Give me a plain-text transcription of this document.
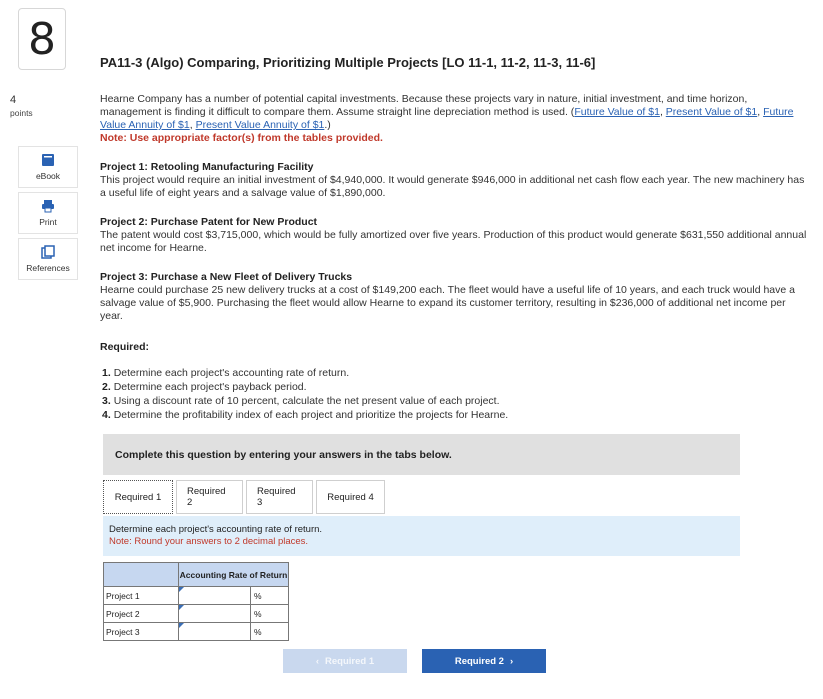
8
4
points
eBook
Print
References
PA11-3 (Algo) Comparing, Prioritizing Multiple Projects [LO 11-1, 11-2, 11-3, 11-6]
Hearne Company has a number of potential capital investments. Because these projects vary in nature, initial investment, and time horizon, management is finding it difficult to compare them. Assume straight line depreciation method is used. (Future Value of $1, Present Value of $1, Future Value Annuity of $1, Present Value Annuity of $1.)
Note: Use appropriate factor(s) from the tables provided.
Project 1: Retooling Manufacturing Facility
This project would require an initial investment of $4,940,000. It would generate $946,000 in additional net cash flow each year. The new machinery has a useful life of eight years and a salvage value of $1,890,000.
Project 2: Purchase Patent for New Product
The patent would cost $3,715,000, which would be fully amortized over five years. Production of this product would generate $631,550 additional annual net income for Hearne.
Project 3: Purchase a New Fleet of Delivery Trucks
Hearne could purchase 25 new delivery trucks at a cost of $149,200 each. The fleet would have a useful life of 10 years, and each truck would have a salvage value of $5,900. Purchasing the fleet would allow Hearne to expand its customer territory, resulting in $236,000 of additional net income per year.
Required:
1. Determine each project's accounting rate of return.
2. Determine each project's payback period.
3. Using a discount rate of 10 percent, calculate the net present value of each project.
4. Determine the profitability index of each project and prioritize the projects for Hearne.
Complete this question by entering your answers in the tabs below.
Required 1	Required 2
Required 3	Required 4
Determine each project's accounting rate of return.
Note: Round your answers to 2 decimal places.
	Accounting Rate of Return	
Project 1		%
Project 2		%
Project 3		%
‹ Required 1	Required 2 ›
